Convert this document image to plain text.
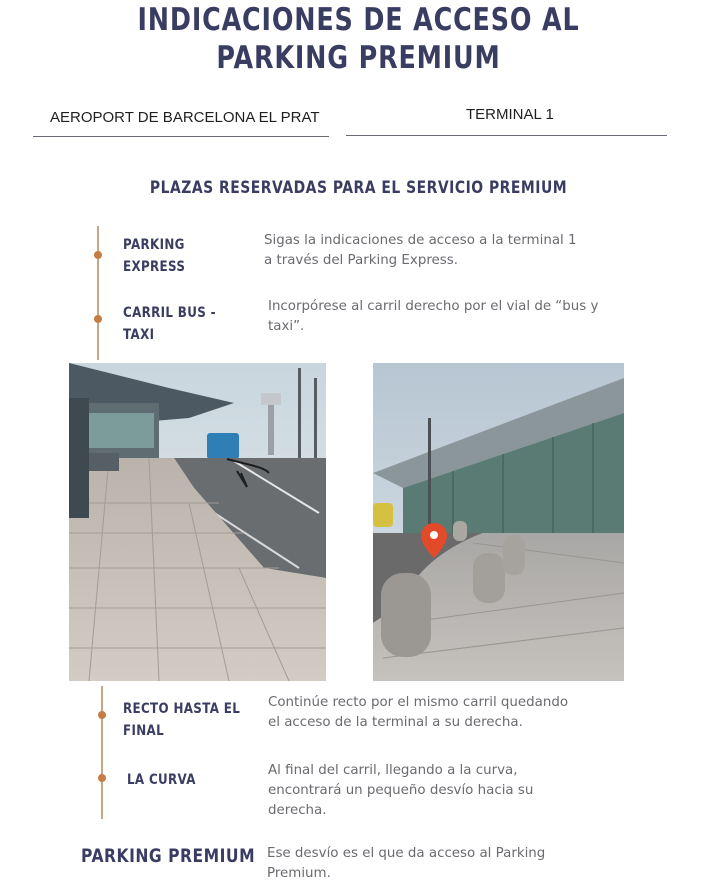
INDICACIONES DE ACCESO AL
PARKING PREMIUM
AEROPORT DE BARCELONA EL PRAT	TERMINAL 1
PLAZAS RESERVADAS PARA EL SERVICIO PREMIUM
PARKING
EXPRESS
Sigas la indicaciones de acceso a la terminal 1
a través del Parking Express.
CARRIL BUS -
TAXI
Incorpórese al carril derecho por el vial de “bus y
taxi”.
RECTO HASTA EL
FINAL
Continúe recto por el mismo carril quedando
el acceso de la terminal a su derecha.
LA CURVA
Al final del carril, llegando a la curva,
encontrará un pequeño desvío hacia su
derecha.
PARKING PREMIUM Ese desvío es el que da acceso al Parking
Premium.
